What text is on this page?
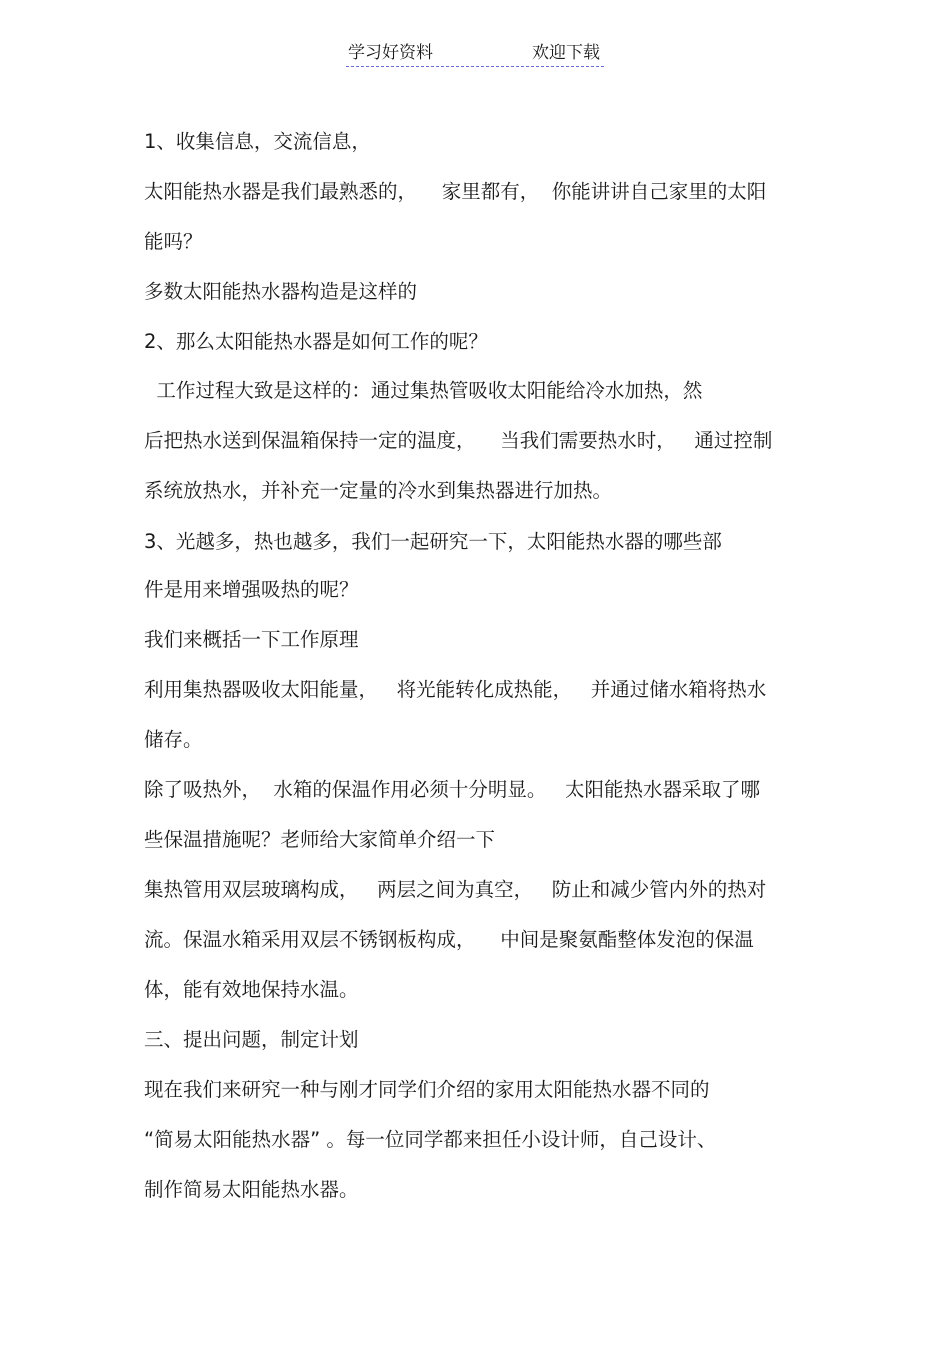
学习好资料	欢迎下载
1、收集信息，交流信息，
太阳能热水器是我们最熟悉的，    家里都有，  你能讲讲自己家里的太阳
能吗？
多数太阳能热水器构造是这样的
2、那么太阳能热水器是如何工作的呢？
工作过程大致是这样的：通过集热管吸收太阳能给冷水加热，然
后把热水送到保温箱保持一定的温度，    当我们需要热水时，   通过控制
系统放热水，并补充一定量的冷水到集热器进行加热。
3、光越多，热也越多，我们一起研究一下，太阳能热水器的哪些部
件是用来增强吸热的呢？
我们来概括一下工作原理
利用集热器吸收太阳能量，   将光能转化成热能，   并通过储水箱将热水
储存。
除了吸热外，  水箱的保温作用必须十分明显。   太阳能热水器采取了哪
些保温措施呢？老师给大家简单介绍一下
集热管用双层玻璃构成，   两层之间为真空，   防止和减少管内外的热对
流。保温水箱采用双层不锈钢板构成，    中间是聚氨酯整体发泡的保温
体，能有效地保持水温。
三、提出问题，制定计划
现在我们来研究一种与刚才同学们介绍的家用太阳能热水器不同的
“简易太阳能热水器” 。每一位同学都来担任小设计师，自己设计、
制作简易太阳能热水器。
